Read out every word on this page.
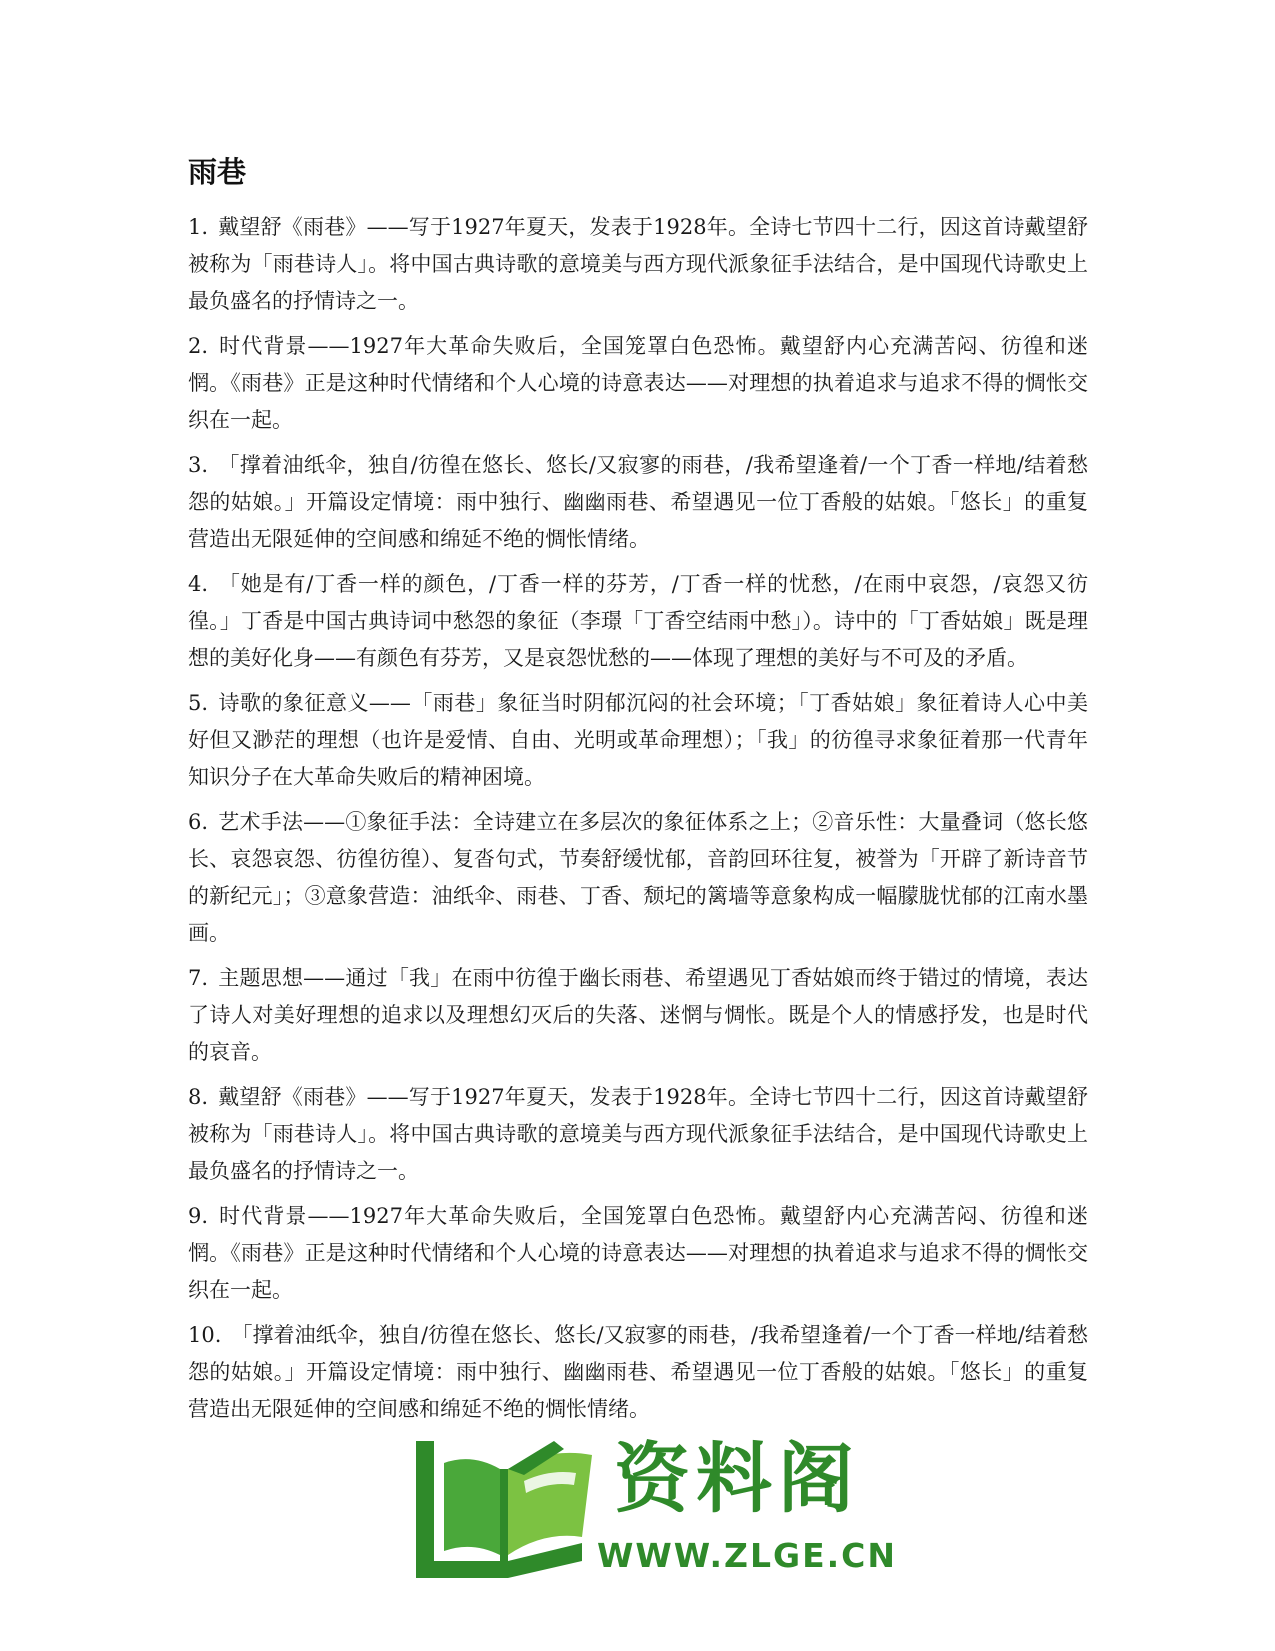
雨巷
1. 戴望舒《雨巷》——写于1927年夏天，发表于1928年。全诗七节四十二行，因这首诗戴望舒被称为「雨巷诗人」。将中国古典诗歌的意境美与西方现代派象征手法结合，是中国现代诗歌史上最负盛名的抒情诗之一。
2. 时代背景——1927年大革命失败后，全国笼罩白色恐怖。戴望舒内心充满苦闷、彷徨和迷惘。《雨巷》正是这种时代情绪和个人心境的诗意表达——对理想的执着追求与追求不得的惆怅交织在一起。
3. 「撑着油纸伞，独自/彷徨在悠长、悠长/又寂寥的雨巷，/我希望逢着/一个丁香一样地/结着愁怨的姑娘。」开篇设定情境：雨中独行、幽幽雨巷、希望遇见一位丁香般的姑娘。「悠长」的重复营造出无限延伸的空间感和绵延不绝的惆怅情绪。
4. 「她是有/丁香一样的颜色，/丁香一样的芬芳，/丁香一样的忧愁，/在雨中哀怨，/哀怨又彷徨。」丁香是中国古典诗词中愁怨的象征（李璟「丁香空结雨中愁」）。诗中的「丁香姑娘」既是理想的美好化身——有颜色有芬芳，又是哀怨忧愁的——体现了理想的美好与不可及的矛盾。
5. 诗歌的象征意义——「雨巷」象征当时阴郁沉闷的社会环境；「丁香姑娘」象征着诗人心中美好但又渺茫的理想（也许是爱情、自由、光明或革命理想）；「我」的彷徨寻求象征着那一代青年知识分子在大革命失败后的精神困境。
6. 艺术手法——①象征手法：全诗建立在多层次的象征体系之上；②音乐性：大量叠词（悠长悠长、哀怨哀怨、彷徨彷徨）、复沓句式，节奏舒缓忧郁，音韵回环往复，被誉为「开辟了新诗音节的新纪元」；③意象营造：油纸伞、雨巷、丁香、颓圮的篱墙等意象构成一幅朦胧忧郁的江南水墨画。
7. 主题思想——通过「我」在雨中彷徨于幽长雨巷、希望遇见丁香姑娘而终于错过的情境，表达了诗人对美好理想的追求以及理想幻灭后的失落、迷惘与惆怅。既是个人的情感抒发，也是时代的哀音。
8. 戴望舒《雨巷》——写于1927年夏天，发表于1928年。全诗七节四十二行，因这首诗戴望舒被称为「雨巷诗人」。将中国古典诗歌的意境美与西方现代派象征手法结合，是中国现代诗歌史上最负盛名的抒情诗之一。
9. 时代背景——1927年大革命失败后，全国笼罩白色恐怖。戴望舒内心充满苦闷、彷徨和迷惘。《雨巷》正是这种时代情绪和个人心境的诗意表达——对理想的执着追求与追求不得的惆怅交织在一起。
10. 「撑着油纸伞，独自/彷徨在悠长、悠长/又寂寥的雨巷，/我希望逢着/一个丁香一样地/结着愁怨的姑娘。」开篇设定情境：雨中独行、幽幽雨巷、希望遇见一位丁香般的姑娘。「悠长」的重复营造出无限延伸的空间感和绵延不绝的惆怅情绪。
资料阁
WWW.ZLGE.CN
